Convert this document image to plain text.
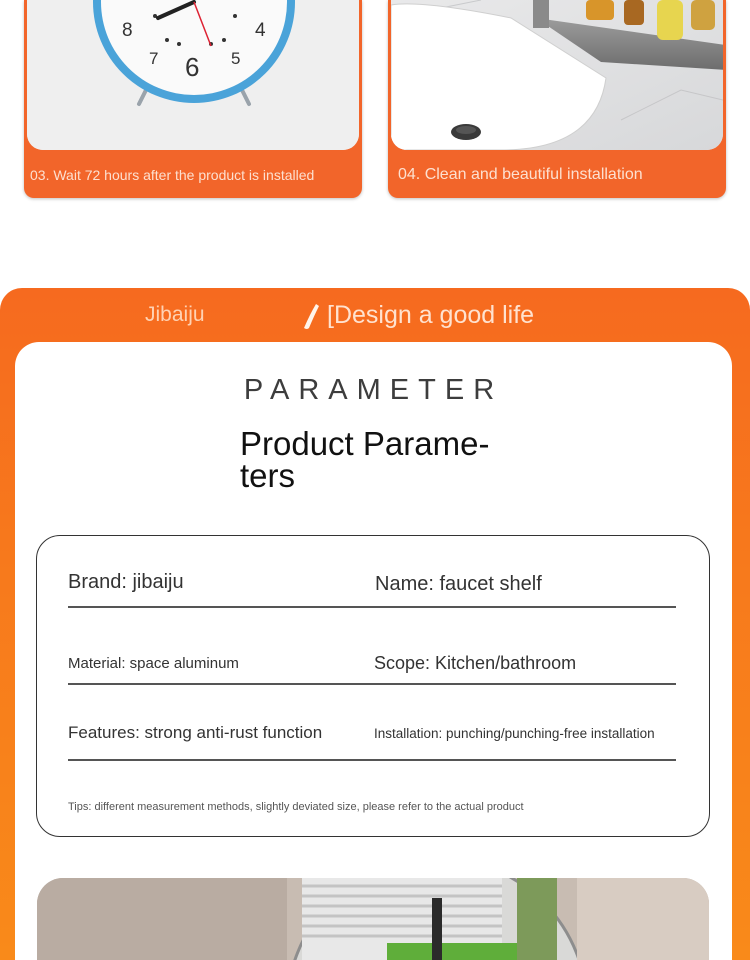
8	4
7 6 5
03. Wait 72 hours after the product is installed	04. Clean and beautiful installation
Jibaiju	[Design a good life
PARAMETER
Product Parame-
ters
Brand: jibaiju	Name: faucet shelf
Material: space aluminum	Scope: Kitchen/bathroom
Features: strong anti-rust function	Installation: punching/punching-free installation
Tips: different measurement methods, slightly deviated size, please refer to the actual product
